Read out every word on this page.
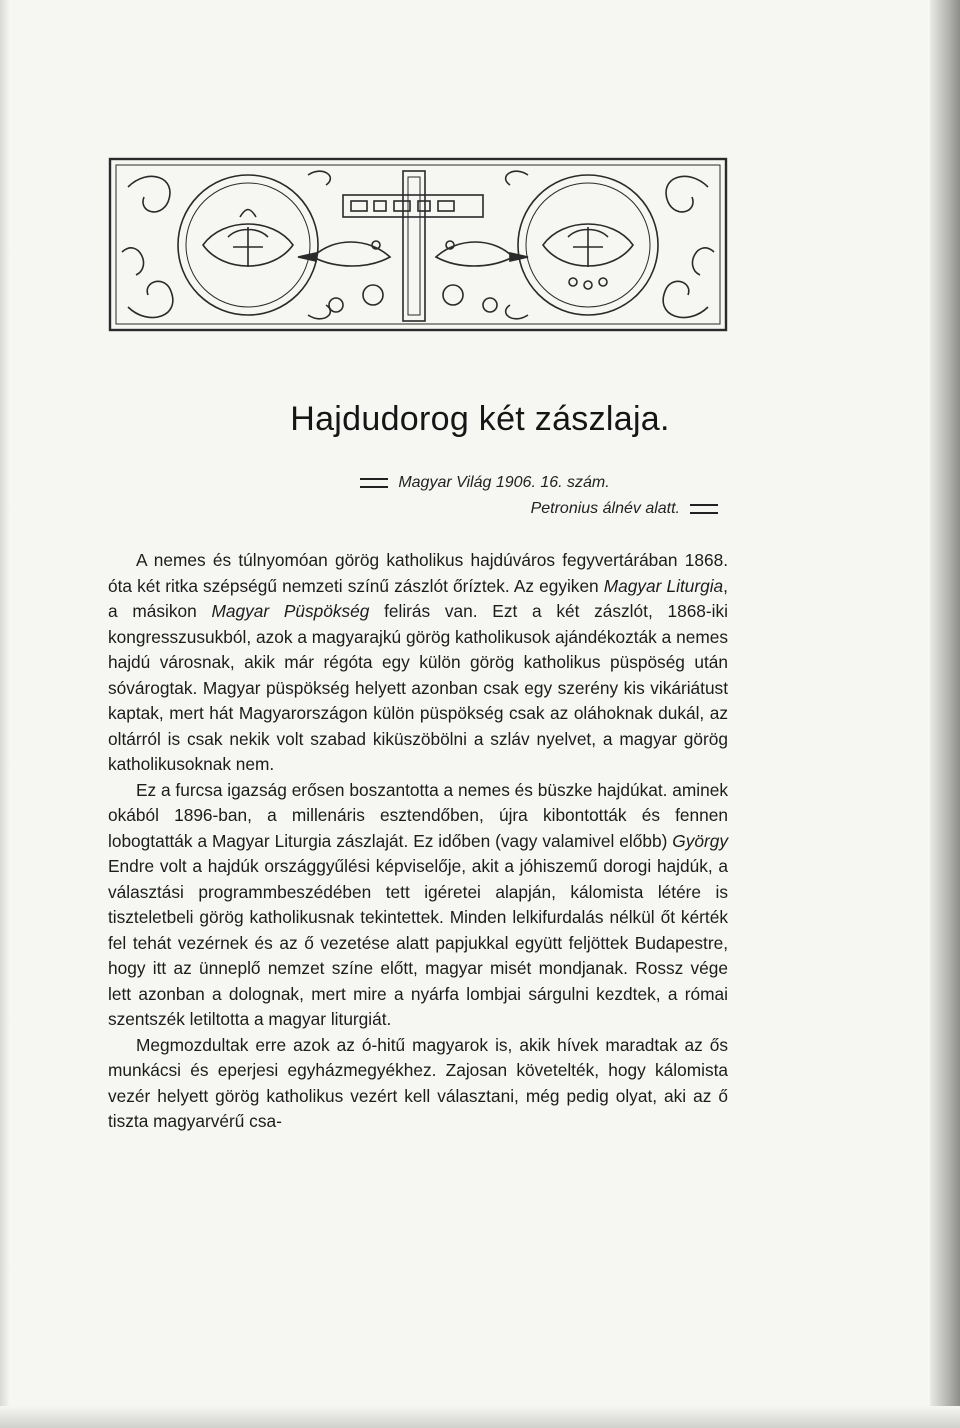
Hajdudorog két zászlaja.

Magyar Világ 1906. 16. szám.

Petronius álnév alatt.

A nemes és túlnyomóan görög katholikus hajdúváros fegyvertárában 1868. óta két ritka szépségű nemzeti színű zászlót őríztek. Az egyiken Magyar Liturgia, a másikon Magyar Püspökség felirás van. Ezt a két zászlót, 1868-iki kongresszusukból, azok a magyarajkú görög katholikusok ajándékozták a nemes hajdú városnak, akik már régóta egy külön görög katholikus püspöség után sóvárogtak. Magyar püspökség helyett azonban csak egy szerény kis vikáriátust kaptak, mert hát Magyarországon külön püspökség csak az oláhoknak dukál, az oltárról is csak nekik volt szabad kiküszöbölni a szláv nyelvet, a magyar görög katholikusoknak nem.

Ez a furcsa igazság erősen boszantotta a nemes és büszke hajdúkat. aminek okából 1896-ban, a millenáris esztendőben, újra kibontották és fennen lobogtatták a Magyar Liturgia zászlaját. Ez időben (vagy valamivel előbb) György Endre volt a hajdúk országgyűlési képviselője, akit a jóhiszemű dorogi hajdúk, a választási programmbeszédében tett igéretei alapján, kálomista létére is tiszteletbeli görög katholikusnak tekintettek. Minden lelkifurdalás nélkül őt kérték fel tehát vezérnek és az ő vezetése alatt papjukkal együtt feljöttek Budapestre, hogy itt az ünneplő nemzet színe előtt, magyar misét mondjanak. Rossz vége lett azonban a dolognak, mert mire a nyárfa lombjai sárgulni kezdtek, a római szentszék letiltotta a magyar liturgiát.

Megmozdultak erre azok az ó-hitű magyarok is, akik hívek maradtak az ős munkácsi és eperjesi egyházmegyékhez. Zajosan követelték, hogy kálomista vezér helyett görög katholikus vezért kell választani, még pedig olyat, aki az ő tiszta magyarvérű csa-
